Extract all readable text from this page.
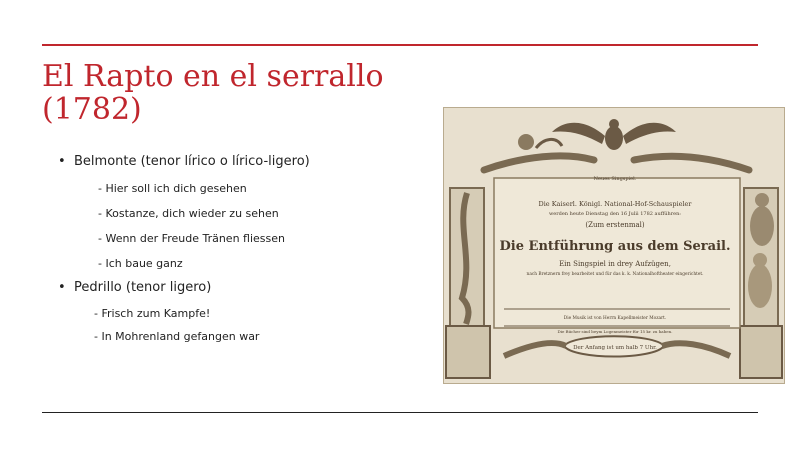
El Rapto en el serrallo
(1782)
• Belmonte (tenor lírico o lírico-ligero)
- Hier soll ich dich gesehen
- Kostanze, dich wieder zu sehen
- Wenn der Freude Tränen fliessen
- Ich baue ganz
• Pedrillo (tenor ligero)
- Frisch zum Kampfe!
- In Mohrenland gefangen war
Neues Singspiel.
Die Kaiserl. Königl. National-Hof-Schauspieler
werden heute Dienstag den 16 Julii 1782 aufführen:
(Zum erstenmal)
Die Entführung aus dem Serail.
Ein Singspiel in drey Aufzügen,
nach Bretznern frey bearbeitet und für das k. k. Nationalhoftheater eingerichtet.
Die Musik ist von Herrn Kapellmeister Mozart.
Die Bücher sind beym Logenmeister für 15 kr. zu haben.
Der Anfang ist um halb 7 Uhr.
